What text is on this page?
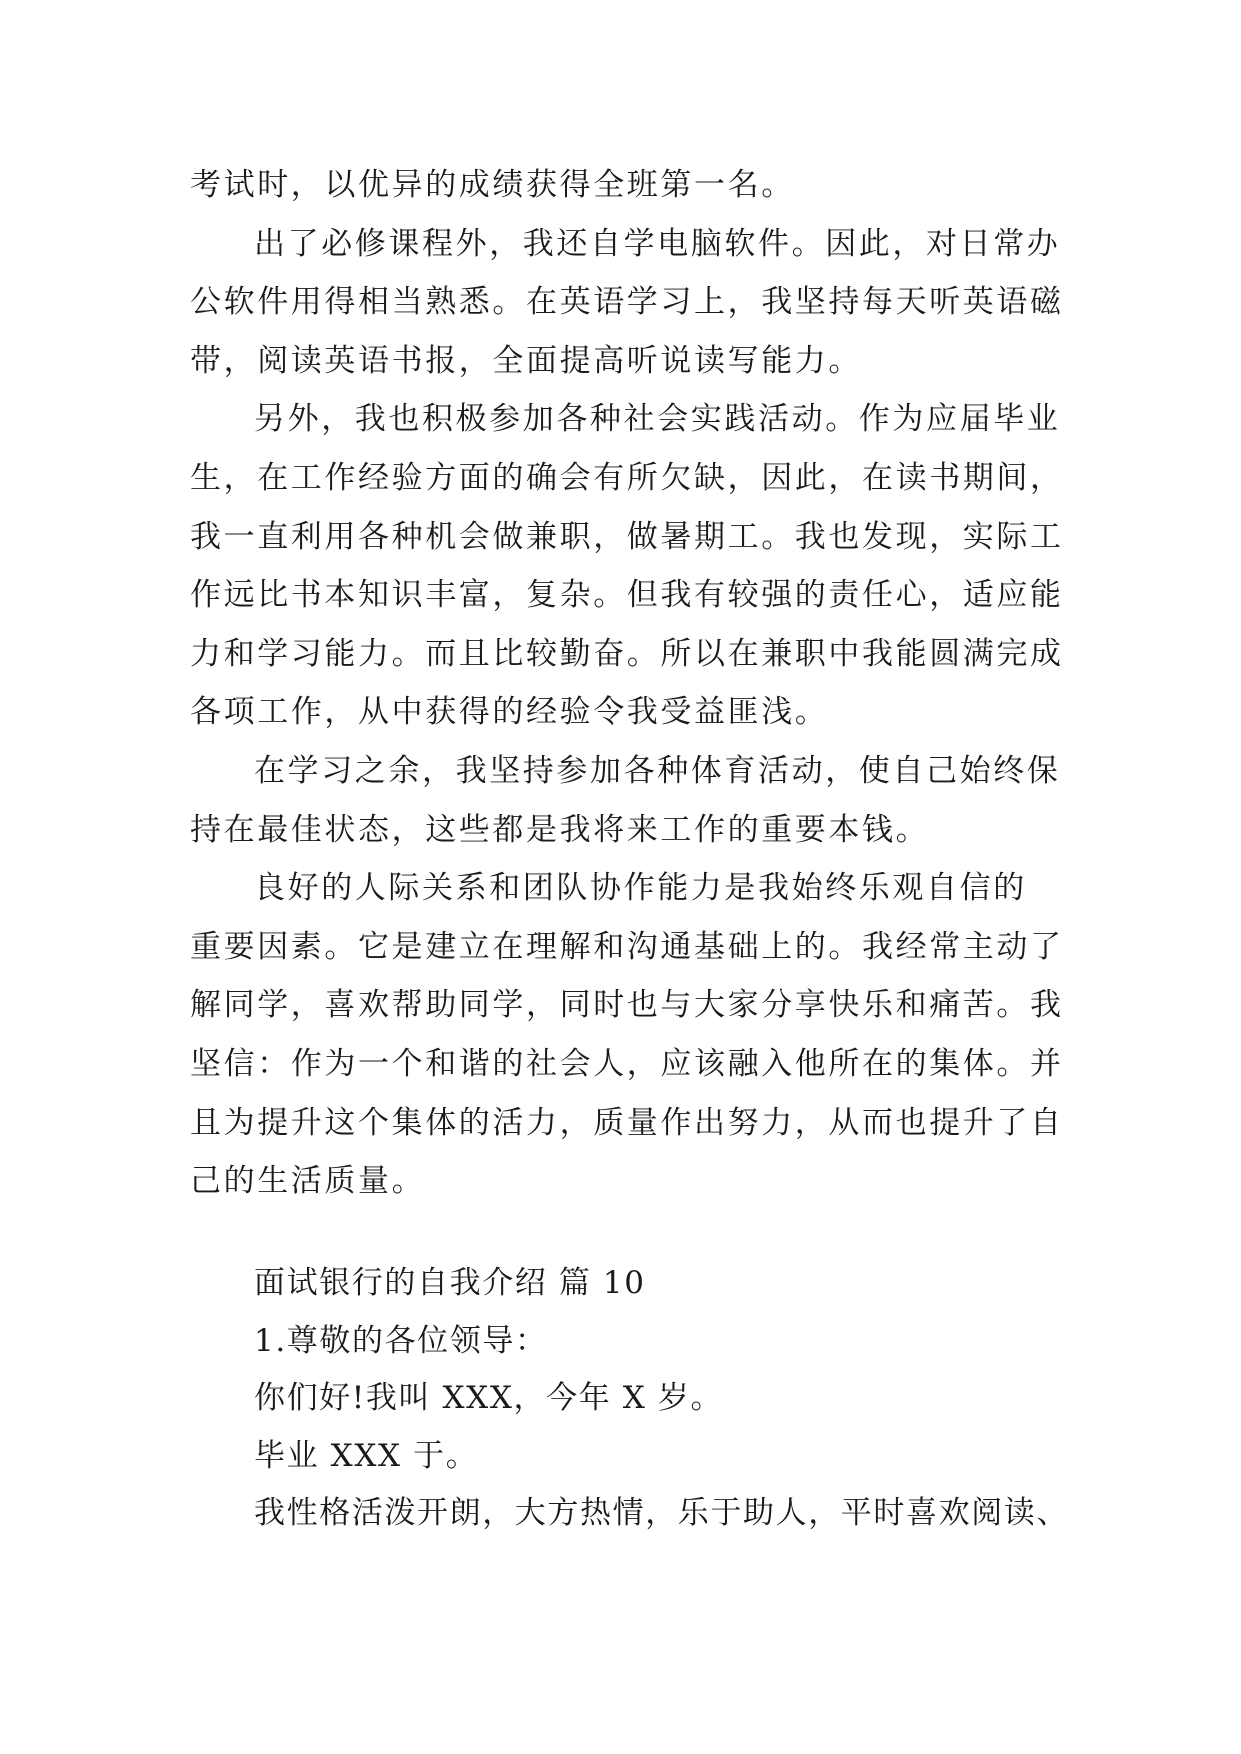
考试时，以优异的成绩获得全班第一名。
出了必修课程外，我还自学电脑软件。因此，对日常办
公软件用得相当熟悉。在英语学习上，我坚持每天听英语磁
带，阅读英语书报，全面提高听说读写能力。
另外，我也积极参加各种社会实践活动。作为应届毕业
生，在工作经验方面的确会有所欠缺，因此，在读书期间，
我一直利用各种机会做兼职，做暑期工。我也发现，实际工
作远比书本知识丰富，复杂。但我有较强的责任心，适应能
力和学习能力。而且比较勤奋。所以在兼职中我能圆满完成
各项工作，从中获得的经验令我受益匪浅。
在学习之余，我坚持参加各种体育活动，使自己始终保
持在最佳状态，这些都是我将来工作的重要本钱。
良好的人际关系和团队协作能力是我始终乐观自信的
重要因素。它是建立在理解和沟通基础上的。我经常主动了
解同学，喜欢帮助同学，同时也与大家分享快乐和痛苦。我
坚信：作为一个和谐的社会人，应该融入他所在的集体。并
且为提升这个集体的活力，质量作出努力，从而也提升了自
己的生活质量。
面试银行的自我介绍 篇 10
1.尊敬的各位领导：
你们好!我叫 XXX，今年 X 岁。
毕业 XXX 于。
我性格活泼开朗，大方热情，乐于助人，平时喜欢阅读、
